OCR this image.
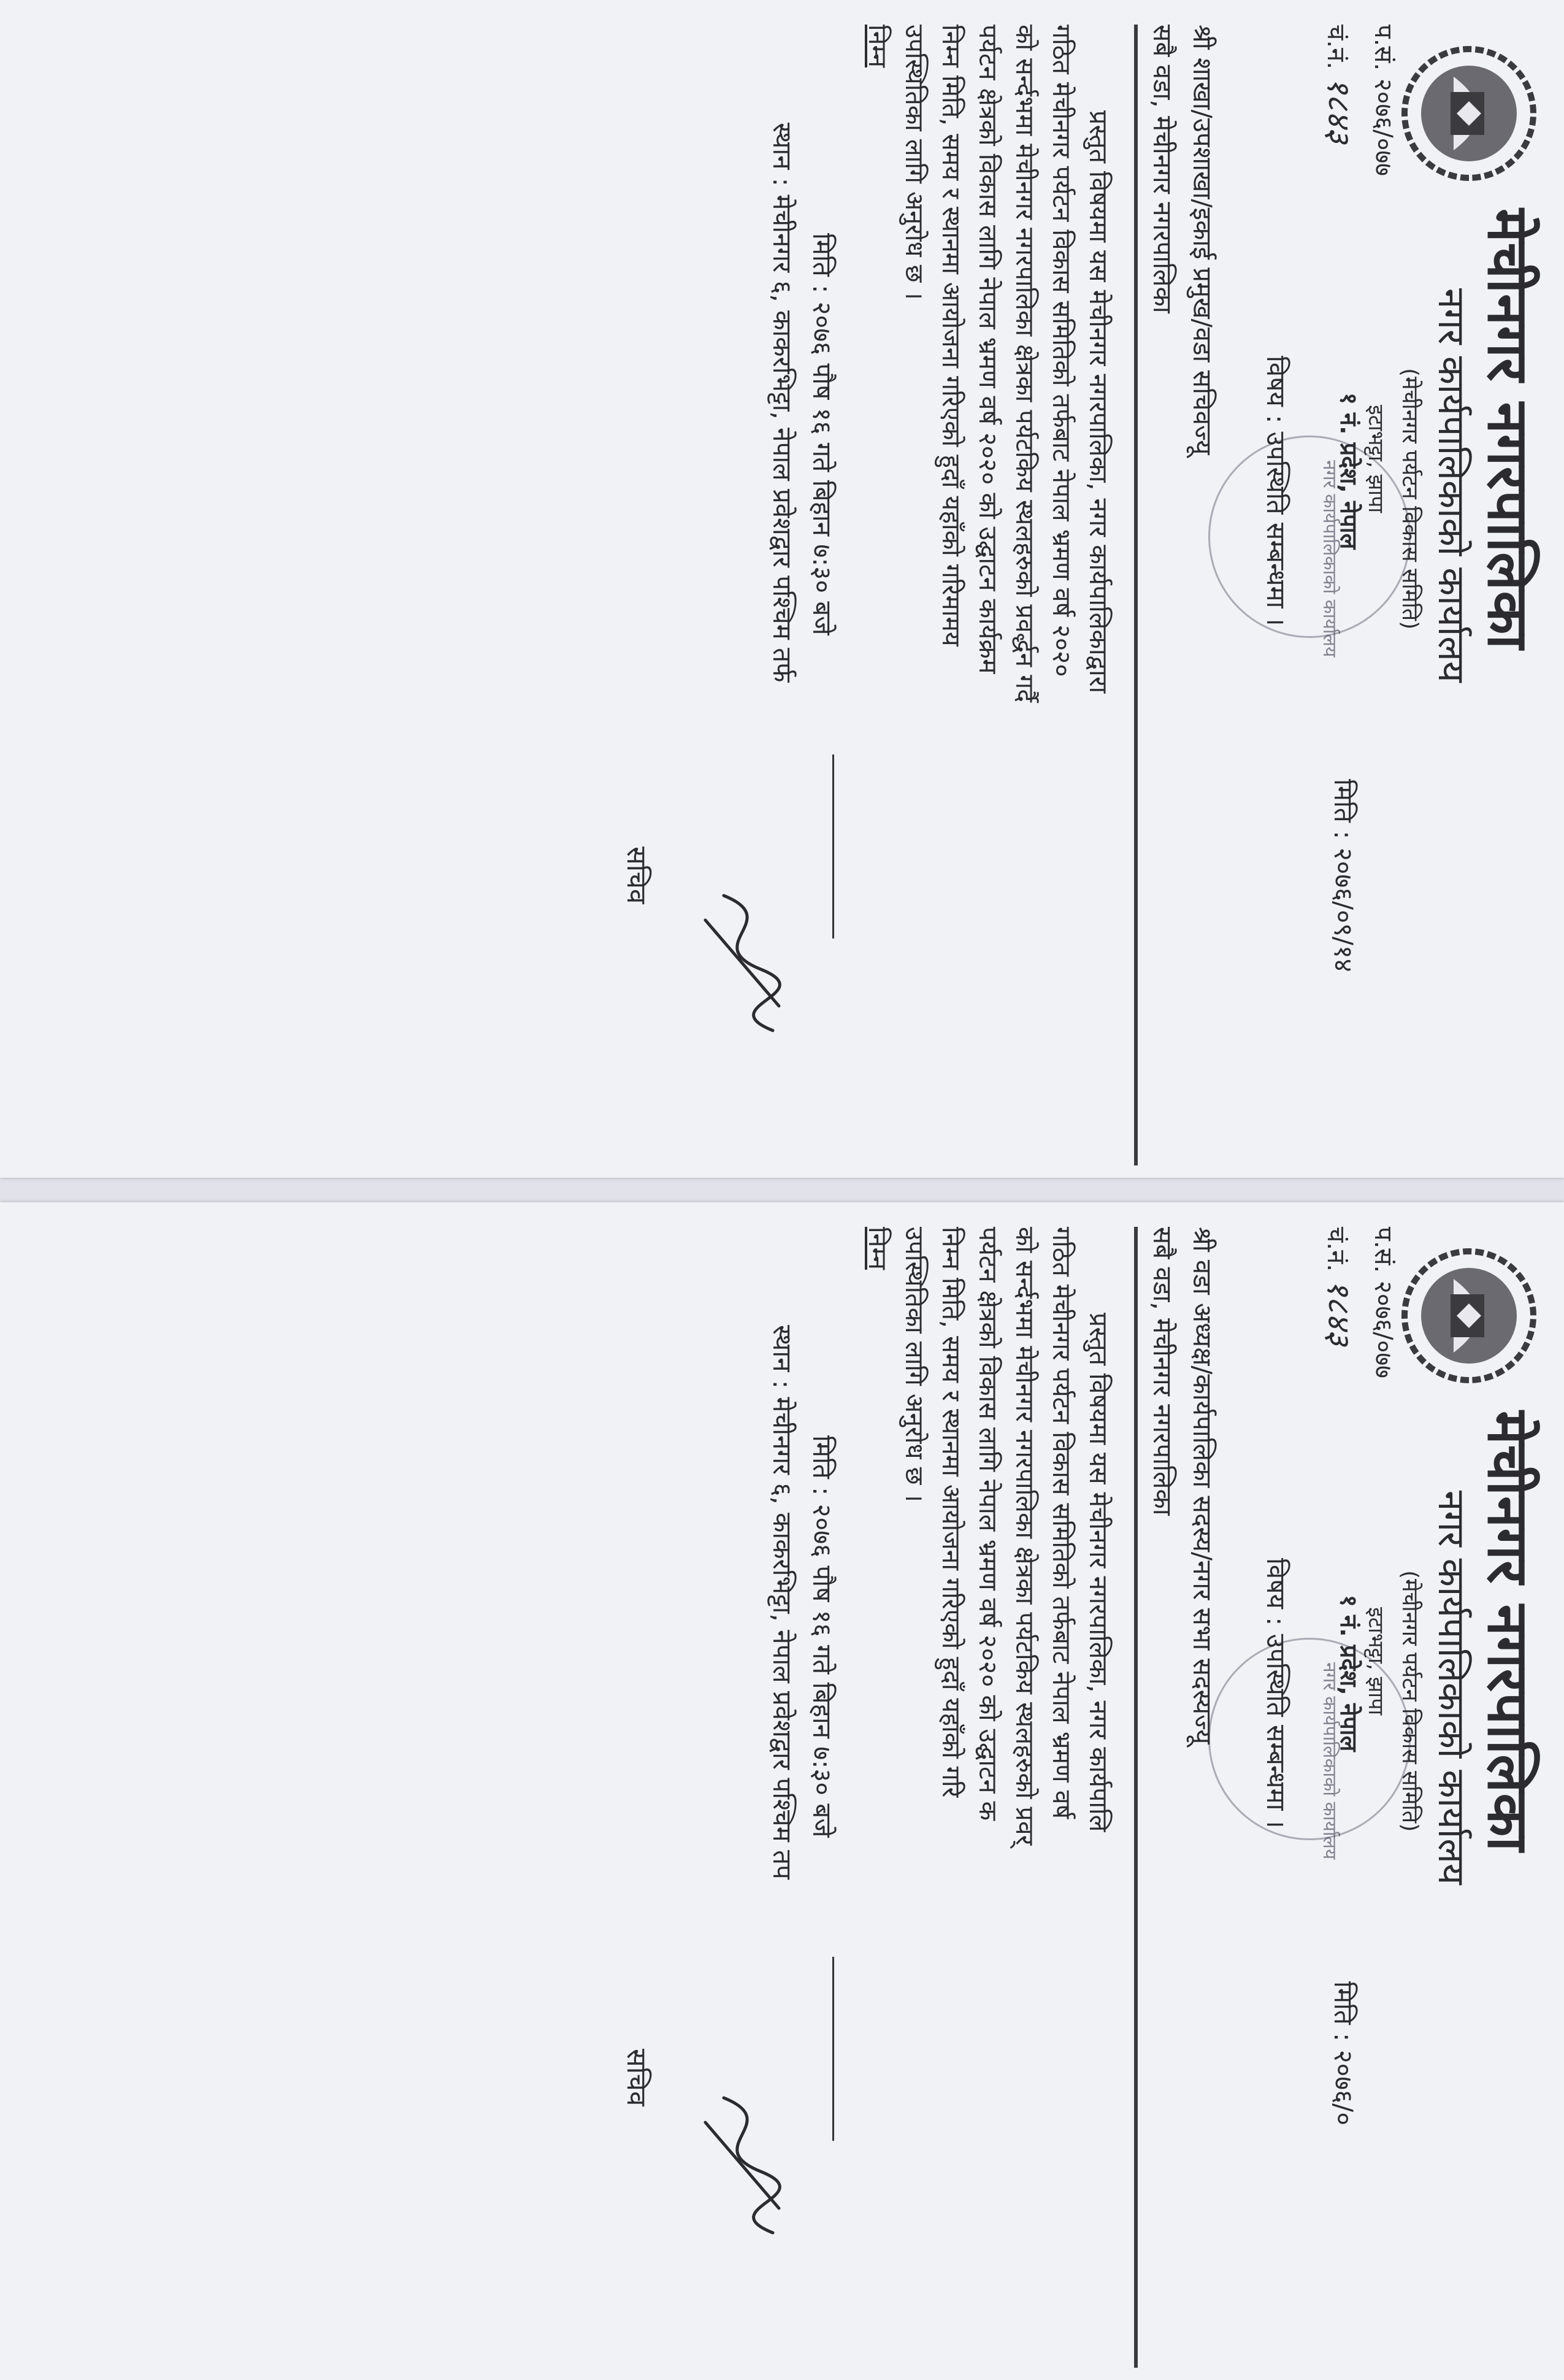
मेचीनगर नगरपालिका
नगर कार्यपालिकाको कार्यालय
(मेचीनगर पर्यटन विकास समिति)
इटाभट्टा, झापा
१ नं. प्रदेश, नेपाल
प.सं. २०७६/०७७
चं.नं. १८४३
मिति : २०७६/०९/१४
नगर कार्यपालिकाको कार्यालय
विषय : उपस्थिति सम्बन्धमा ।
श्री शाखा/उपशाखा/इकाई प्रमुख/वडा सचिवज्यू
सबै वडा, मेचीनगर नगरपालिका
प्रस्तुत विषयमा यस मेचीनगर नगरपालिका, नगर कार्यपालिकाद्वारा
गठित मेचीनगर पर्यटन विकास समितिको तर्फबाट नेपाल भ्रमण वर्ष २०२०
को सर्न्दभमा मेचीनगर नगरपालिका क्षेत्रका पर्यटकिय स्थलहरुको प्रवर्द्धन गर्दै
पर्यटन क्षेत्रको विकास लागि नेपाल भ्रमण वर्ष २०२० को उद्घाटन कार्यक्रम
निम्न मिति, समय र स्थानमा आयोजना गरिएको हुदाँ यहाँको गरिमामय
उपस्थितिका लागि अनुरोध छ ।
निम्न
मिति : २०७६ पौष १६ गते बिहान ७:३० बजे
स्थान : मेचीनगर ६, काकरभिट्टा, नेपाल प्रवेशद्वार पश्चिम तर्फ
सचिव
मेचीनगर नगरपालिका
नगर कार्यपालिकाको कार्यालय
(मेचीनगर पर्यटन विकास समिति)
इटाभट्टा, झापा
१ नं. प्रदेश, नेपाल
प.सं. २०७६/०७७
चं.नं. १८४३
मिति : २०७६/०
नगर कार्यपालिकाको कार्यालय
विषय : उपस्थिति सम्बन्धमा ।
श्री वडा अध्यक्ष/कार्यपालिका सदस्य/नगर सभा सदस्यज्यू
सबै वडा, मेचीनगर नगरपालिका
प्रस्तुत विषयमा यस मेचीनगर नगरपालिका, नगर कार्यपालि
गठित मेचीनगर पर्यटन विकास समितिको तर्फबाट नेपाल भ्रमण वर्ष
को सर्न्दभमा मेचीनगर नगरपालिका क्षेत्रका पर्यटकिय स्थलहरुको प्रवर्
पर्यटन क्षेत्रको विकास लागि नेपाल भ्रमण वर्ष २०२० को उद्घाटन क
निम्न मिति, समय र स्थानमा आयोजना गरिएको हुदाँ यहाँको गरि
उपस्थितिका लागि अनुरोध छ ।
निम्न
मिति : २०७६ पौष १६ गते बिहान ७:३० बजे
स्थान : मेचीनगर ६, काकरभिट्टा, नेपाल प्रवेशद्वार पश्चिम तप
सचिव
